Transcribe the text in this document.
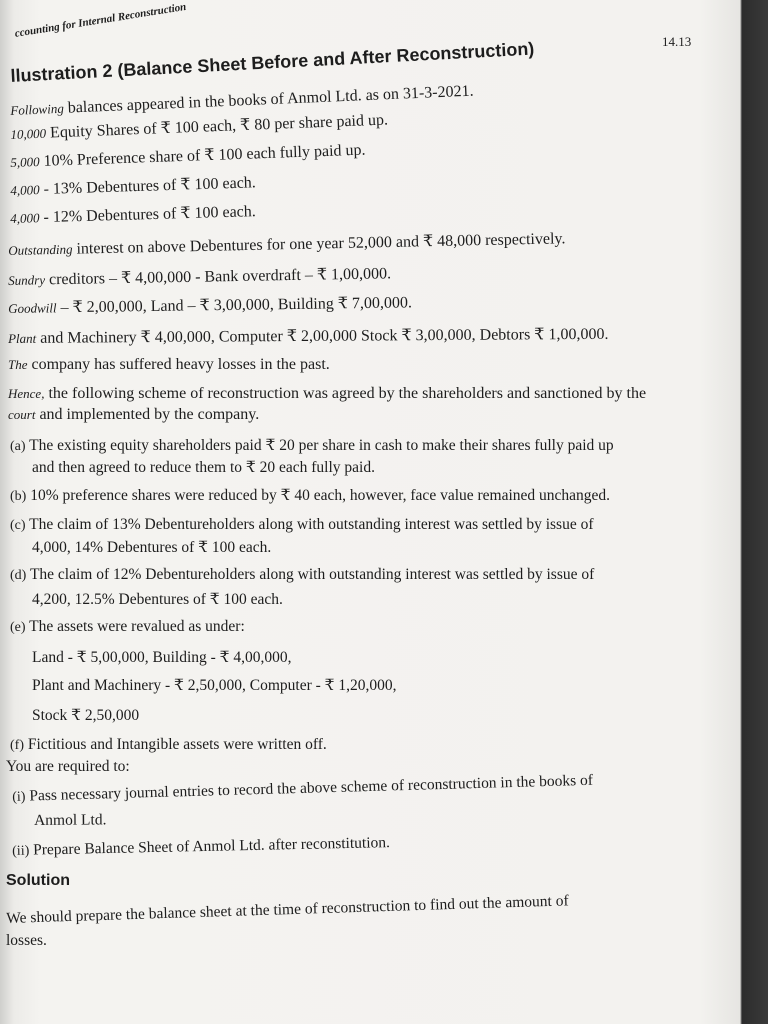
ccounting for Internal Reconstruction
14.13
llustration 2 (Balance Sheet Before and After Reconstruction)
Following balances appeared in the books of Anmol Ltd. as on 31-3-2021.
10,000 Equity Shares of ₹ 100 each, ₹ 80 per share paid up.
5,000 10% Preference share of ₹ 100 each fully paid up.
4,000 - 13% Debentures of ₹ 100 each.
4,000 - 12% Debentures of ₹ 100 each.
Outstanding interest on above Debentures for one year 52,000 and ₹ 48,000 respectively.
Sundry creditors – ₹ 4,00,000 - Bank overdraft – ₹ 1,00,000.
Goodwill – ₹ 2,00,000, Land – ₹ 3,00,000, Building ₹ 7,00,000.
Plant and Machinery ₹ 4,00,000, Computer ₹ 2,00,000 Stock ₹ 3,00,000, Debtors ₹ 1,00,000.
The company has suffered heavy losses in the past.
Hence, the following scheme of reconstruction was agreed by the shareholders and sanctioned by the
court and implemented by the company.
(a) The existing equity shareholders paid ₹ 20 per share in cash to make their shares fully paid up
and then agreed to reduce them to ₹ 20 each fully paid.
(b) 10% preference shares were reduced by ₹ 40 each, however, face value remained unchanged.
(c) The claim of 13% Debentureholders along with outstanding interest was settled by issue of
4,000, 14% Debentures of ₹ 100 each.
(d) The claim of 12% Debentureholders along with outstanding interest was settled by issue of
4,200, 12.5% Debentures of ₹ 100 each.
(e) The assets were revalued as under:
Land - ₹ 5,00,000, Building - ₹ 4,00,000,
Plant and Machinery - ₹ 2,50,000, Computer - ₹ 1,20,000,
Stock ₹ 2,50,000
(f) Fictitious and Intangible assets were written off.
You are required to:
(i) Pass necessary journal entries to record the above scheme of reconstruction in the books of
Anmol Ltd.
(ii) Prepare Balance Sheet of Anmol Ltd. after reconstitution.
Solution
We should prepare the balance sheet at the time of reconstruction to find out the amount of
losses.
